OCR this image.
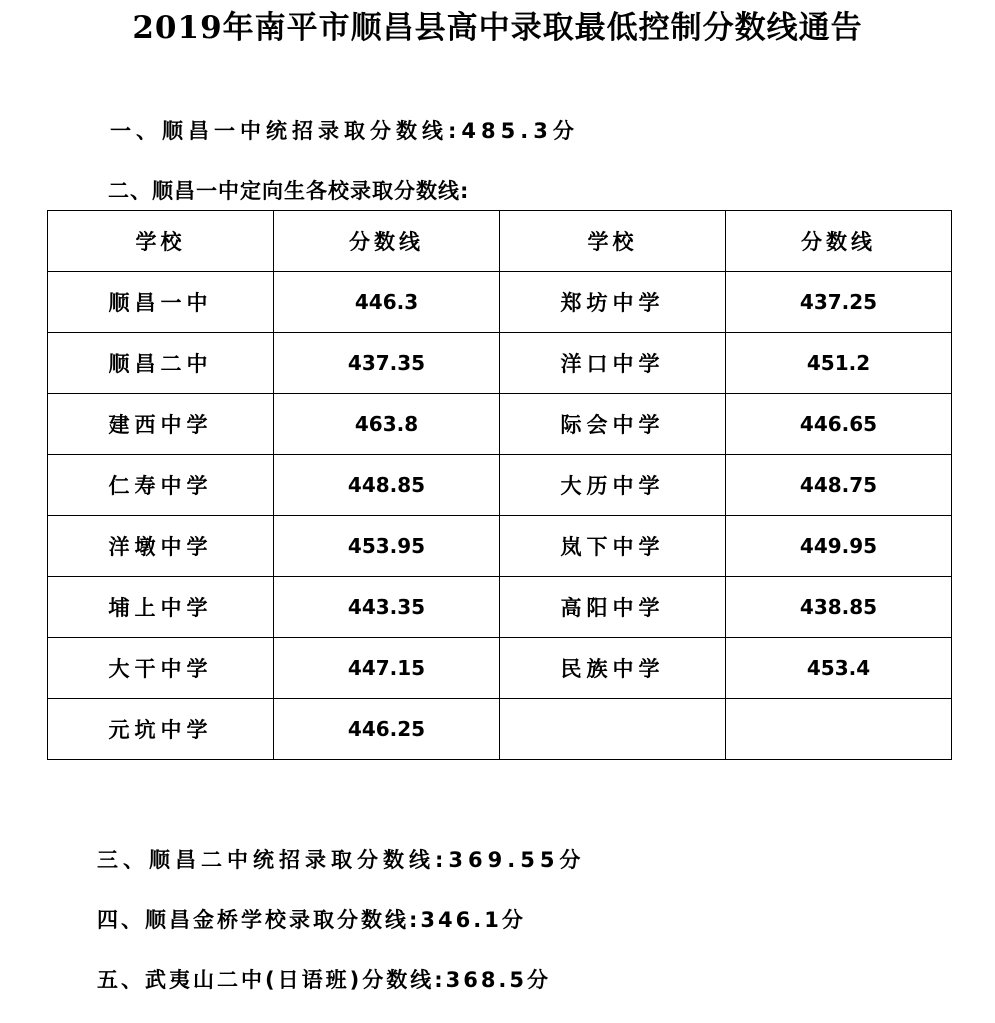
2019年南平市顺昌县高中录取最低控制分数线通告
一、顺昌一中统招录取分数线:485.3分
二、顺昌一中定向生各校录取分数线:
学校	分数线	学校	分数线
顺昌一中	446.3	郑坊中学	437.25
顺昌二中	437.35	洋口中学	451.2
建西中学	463.8	际会中学	446.65
仁寿中学	448.85	大历中学	448.75
洋墩中学	453.95	岚下中学	449.95
埔上中学	443.35	高阳中学	438.85
大干中学	447.15	民族中学	453.4
元坑中学	446.25		
三、顺昌二中统招录取分数线:369.55分
四、顺昌金桥学校录取分数线:346.1分
五、武夷山二中(日语班)分数线:368.5分
